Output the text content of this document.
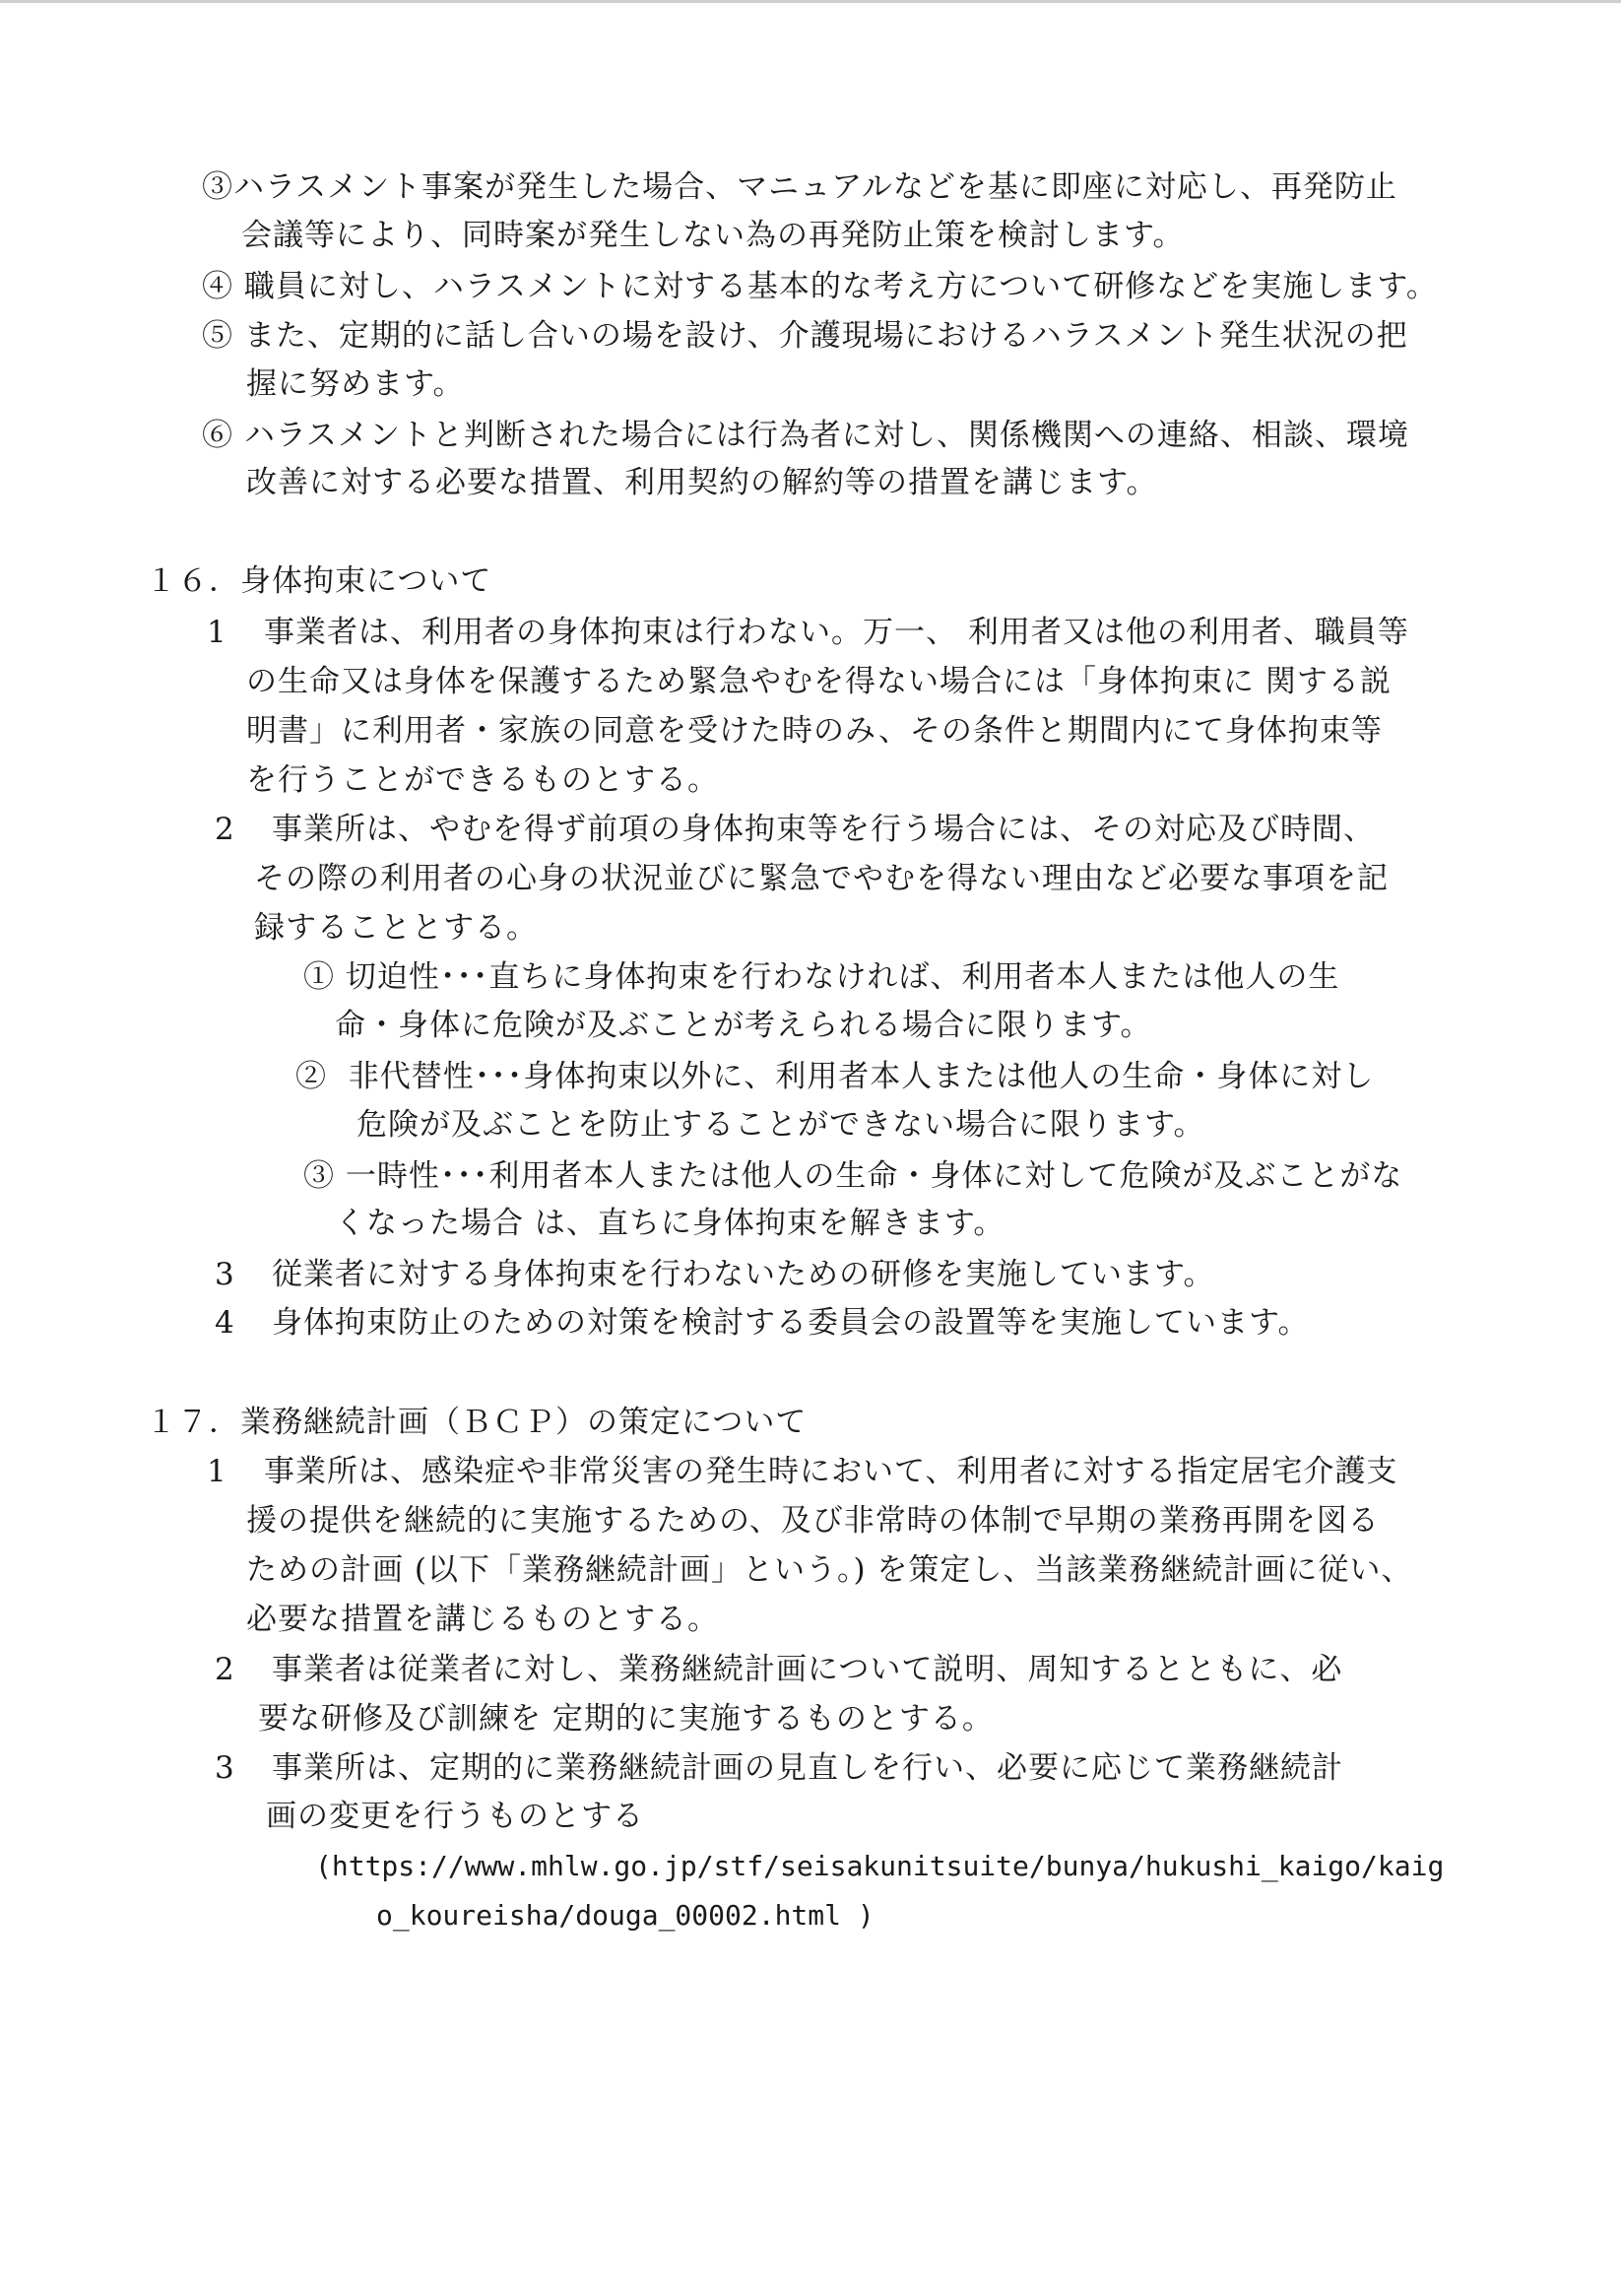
③ハラスメント事案が発生した場合、マニュアルなどを基に即座に対応し、再発防止
会議等により、同時案が発生しない為の再発防止策を検討します。
④ 職員に対し、ハラスメントに対する基本的な考え方について研修などを実施します。
⑤ また、定期的に話し合いの場を設け、介護現場におけるハラスメント発生状況の把
握に努めます。
⑥ ハラスメントと判断された場合には行為者に対し、関係機関への連絡、相談、環境
改善に対する必要な措置、利用契約の解約等の措置を講じます。
１６．身体拘束について
1 事業者は、利用者の身体拘束は行わない。万一、 利用者又は他の利用者、職員等
の生命又は身体を保護するため緊急やむを得ない場合には「身体拘束に 関する説
明書」に利用者・家族の同意を受けた時のみ、その条件と期間内にて身体拘束等
を行うことができるものとする。
2 事業所は、やむを得ず前項の身体拘束等を行う場合には、その対応及び時間、
その際の利用者の心身の状況並びに緊急でやむを得ない理由など必要な事項を記
録することとする。
① 切迫性･･･直ちに身体拘束を行わなければ、利用者本人または他人の生
命・身体に危険が及ぶことが考えられる場合に限ります。
②  非代替性･･･身体拘束以外に、利用者本人または他人の生命・身体に対し
危険が及ぶことを防止することができない場合に限ります。
③ 一時性･･･利用者本人または他人の生命・身体に対して危険が及ぶことがな
くなった場合 は、直ちに身体拘束を解きます。
3 従業者に対する身体拘束を行わないための研修を実施しています。
4 身体拘束防止のための対策を検討する委員会の設置等を実施しています。
１７．業務継続計画（ＢＣＰ）の策定について
1 事業所は、感染症や非常災害の発生時において、利用者に対する指定居宅介護支
援の提供を継続的に実施するための、及び非常時の体制で早期の業務再開を図る
ための計画 (以下「業務継続計画」という。) を策定し、当該業務継続計画に従い、
必要な措置を講じるものとする。
2 事業者は従業者に対し、業務継続計画について説明、周知するとともに、必
要な研修及び訓練を 定期的に実施するものとする。
3 事業所は、定期的に業務継続計画の見直しを行い、必要に応じて業務継続計
画の変更を行うものとする
(https://www.mhlw.go.jp/stf/seisakunitsuite/bunya/hukushi_kaigo/kaig
o_koureisha/douga_00002.html )
